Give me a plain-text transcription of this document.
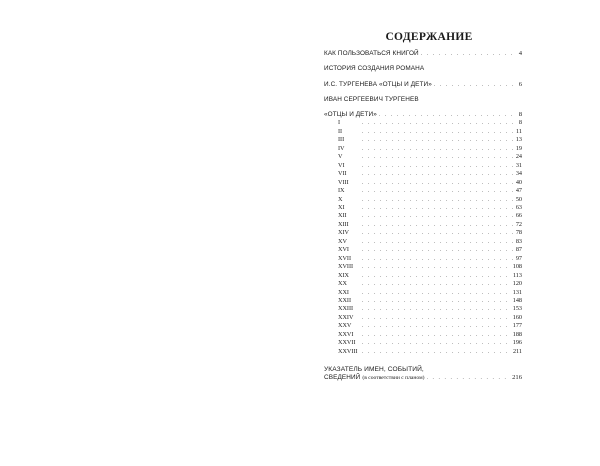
СОДЕРЖАНИЕ
КАК ПОЛЬЗОВАТЬСЯ КНИГОЙ . . .	4
ИСТОРИЯ СОЗДАНИЯ РОМАНА
И.С. ТУРГЕНЕВА «ОТЦЫ И ДЕТИ» . . .	6
ИВАН СЕРГЕЕВИЧ ТУРГЕНЕВ
«ОТЦЫ И ДЕТИ» . . .	8
I . . .	8
II . . .	11
III . . .	13
IV . . .	19
V . . .	24
VI . . .	31
VII . . .	34
VIII . . .	40
IX . . .	47
X . . .	50
XI . . .	63
XII . . .	66
XIII . . .	72
XIV . . .	78
XV . . .	83
XVI . . .	87
XVII . . .	97
XVIII . . .	108
XIX . . .	113
XX . . .	120
XXI . . .	131
XXII . . .	148
XXIII . . .	153
XXIV . . .	160
XXV . . .	177
XXVI . . .	188
XXVII . . .	196
XXVIII . . .	211
УКАЗАТЕЛЬ ИМЕН, СОБЫТИЙ,
СВЕДЕНИЙ (в соответствии с планом) . . .	216
